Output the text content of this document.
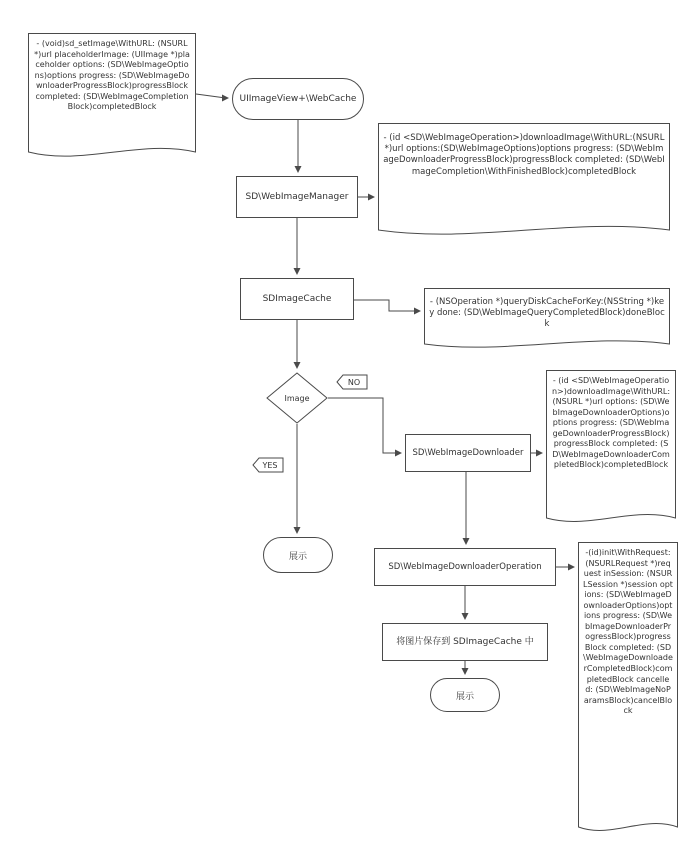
- (void)sd_setImage\WithURL: (NSURL *)url placeholderImage: (UIImage *)placeholder options: (SD\WebImageOptions)options progress: (SD\WebImageDownloaderProgressBlock)progressBlock completed: (SD\WebImageCompletionBlock)completedBlock
UIImageView+\WebCache
SD\WebImageManager
- (id <SD\WebImageOperation>)downloadImage\WithURL:(NSURL *)url options:(SD\WebImageOptions)options progress: (SD\WebImageDownloaderProgressBlock)progressBlock completed: (SD\WebImageCompletion\WithFinishedBlock)completedBlock
SDImageCache	- (NSOperation *)queryDiskCacheForKey:(NSString *)key done: (SD\WebImageQueryCompletedBlock)doneBlock
Image
NO
YES
SD\WebImageDownloader
- (id <SD\WebImageOperation>)downloadImage\WithURL: (NSURL *)url options: (SD\WebImageDownloaderOptions)options progress: (SD\WebImageDownloaderProgressBlock)progressBlock completed: (SD\WebImageDownloaderCompletedBlock)completedBlock
展示
SD\WebImageDownloaderOperation
-(id)init\WithRequest: (NSURLRequest *)request inSession: (NSURLSession *)session options: (SD\WebImageDownloaderOptions)options progress: (SD\WebImageDownloaderProgressBlock)progressBlock completed: (SD\WebImageDownloaderCompletedBlock)completedBlock cancelled: (SD\WebImageNoParamsBlock)cancelBlock
将图片保存到 SDImageCache 中
展示
